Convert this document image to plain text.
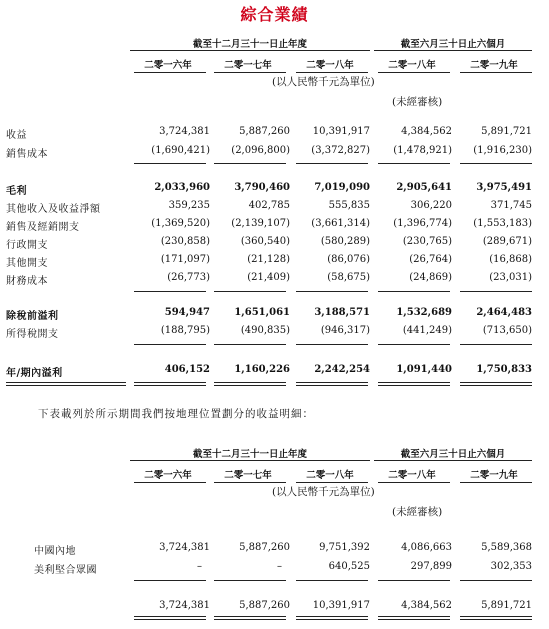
綜合業績
截至十二月三十一日止年度	截至六月三十日止六個月
二零一六年	二零一七年	二零一八年	二零一八年	二零一九年
(以人民幣千元為單位)
(未經審核)
收益	3,724,381	5,887,260	10,391,917	4,384,562	5,891,721
銷售成本	(1,690,421)	(2,096,800)	(3,372,827)	(1,478,921)	(1,916,230)
毛利	2,033,960	3,790,460	7,019,090	2,905,641	3,975,491
其他收入及收益淨額	359,235	402,785	555,835	306,220	371,745
銷售及經銷開支	(1,369,520)	(2,139,107)	(3,661,314)	(1,396,774)	(1,553,183)
行政開支	(230,858)	(360,540)	(580,289)	(230,765)	(289,671)
其他開支	(171,097)	(21,128)	(86,076)	(26,764)	(16,868)
財務成本	(26,773)	(21,409)	(58,675)	(24,869)	(23,031)
除稅前溢利	594,947	1,651,061	3,188,571	1,532,689	2,464,483
所得稅開支	(188,795)	(490,835)	(946,317)	(441,249)	(713,650)
年/期內溢利	406,152	1,160,226	2,242,254	1,091,440	1,750,833
下表載列於所示期間我們按地理位置劃分的收益明細：
截至十二月三十一日止年度	截至六月三十日止六個月
二零一六年	二零一七年	二零一八年	二零一八年	二零一九年
(以人民幣千元為單位)
(未經審核)
中國內地	3,724,381	5,887,260	9,751,392	4,086,663	5,589,368
美利堅合眾國	–	–	640,525	297,899	302,353
3,724,381	5,887,260	10,391,917	4,384,562	5,891,721
